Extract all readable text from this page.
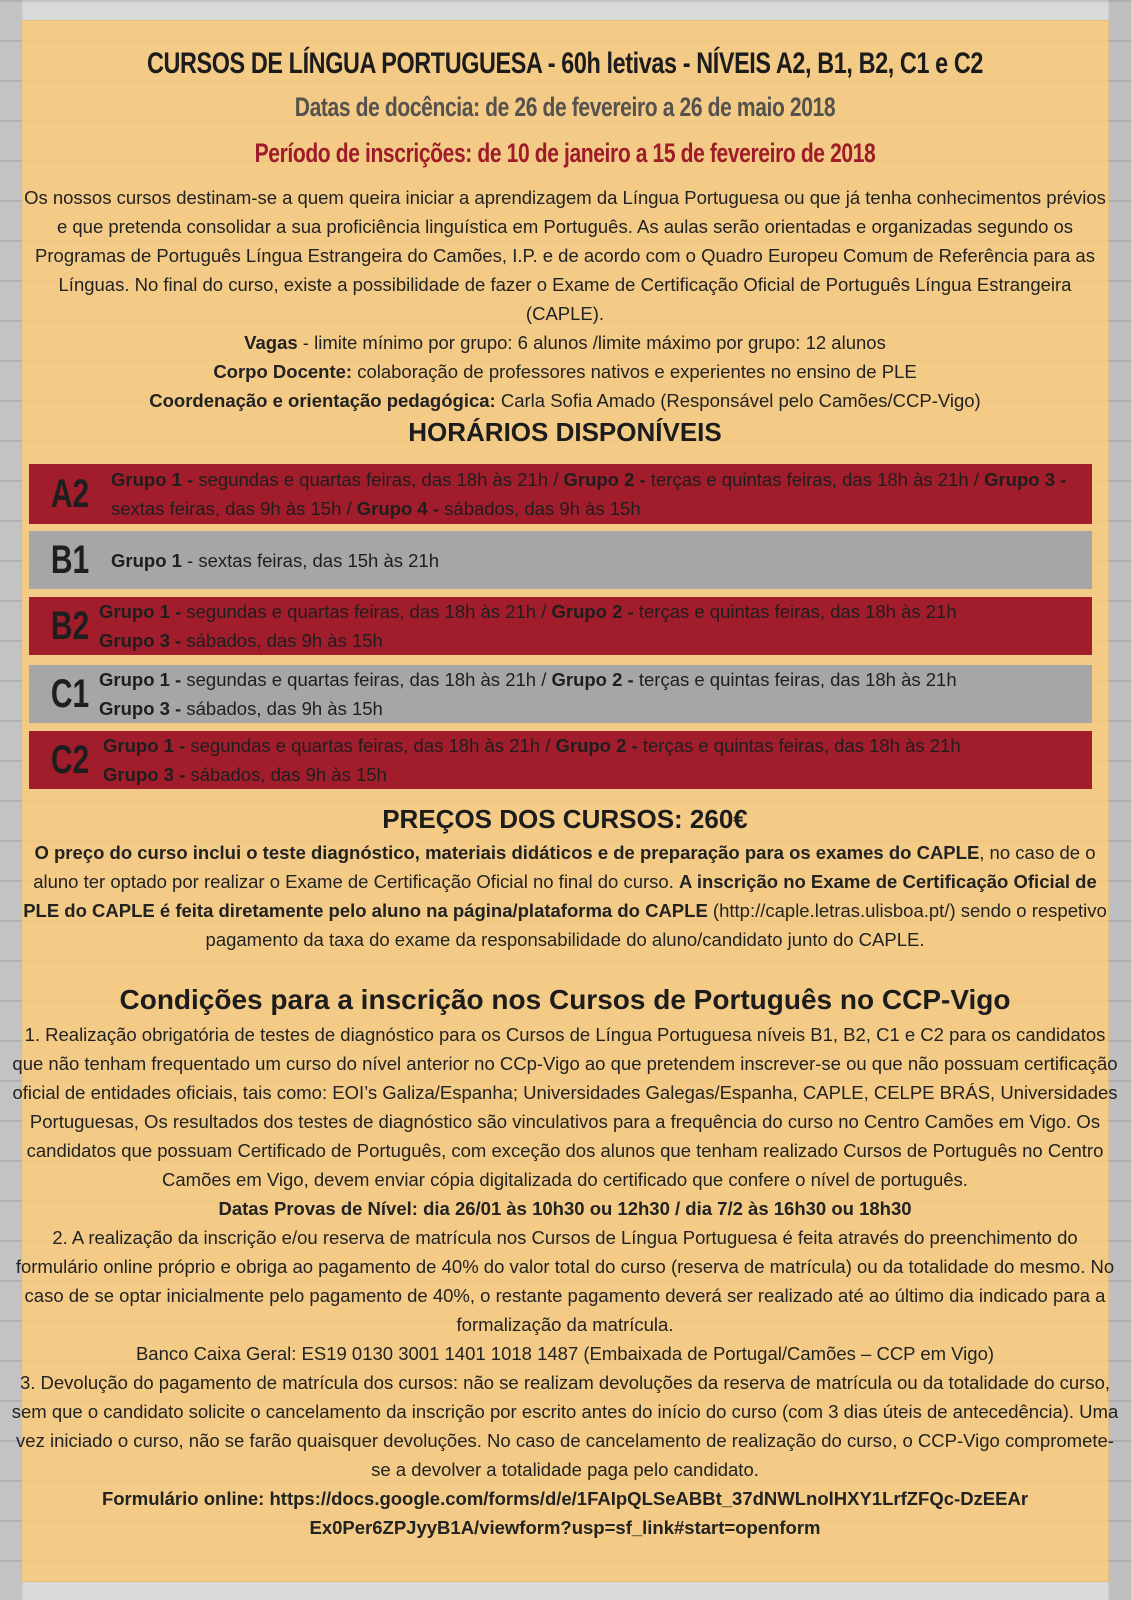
CURSOS DE LÍNGUA PORTUGUESA - 60h letivas - NÍVEIS A2, B1, B2, C1 e C2
Datas de docência: de 26 de fevereiro a 26 de maio 2018
Período de inscrições: de 10 de janeiro a 15 de fevereiro de 2018

Os nossos cursos destinam-se a quem queira iniciar a aprendizagem da Língua Portuguesa ou que já tenha conhecimentos prévios e que pretenda consolidar a sua proficiência linguística em Português. As aulas serão orientadas e organizadas segundo os Programas de Português Língua Estrangeira do Camões, I.P. e de acordo com o Quadro Europeu Comum de Referência para as Línguas. No final do curso, existe a possibilidade de fazer o Exame de Certificação Oficial de Português Língua Estrangeira (CAPLE).

Vagas - limite mínimo por grupo: 6 alunos /limite máximo por grupo: 12 alunos

Corpo Docente: colaboração de professores nativos e experientes no ensino de PLE

Coordenação e orientação pedagógica: Carla Sofia Amado (Responsável pelo Camões/CCP-Vigo)

HORÁRIOS DISPONÍVEIS
A2	Grupo 1 - segundas e quartas feiras, das 18h às 21h / Grupo 2 - terças e quintas feiras, das 18h às 21h / Grupo 3 - sextas feiras, das 9h às 15h / Grupo 4 - sábados, das 9h às 15h
B1	Grupo 1 - sextas feiras, das 15h às 21h
B2 Grupo 1 - segundas e quartas feiras, das 18h às 21h / Grupo 2 - terças e quintas feiras, das 18h às 21h
Grupo 3 - sábados, das 9h às 15h
C1 Grupo 1 - segundas e quartas feiras, das 18h às 21h / Grupo 2 - terças e quintas feiras, das 18h às 21h
Grupo 3 - sábados, das 9h às 15h
C2 Grupo 1 - segundas e quartas feiras, das 18h às 21h / Grupo 2 - terças e quintas feiras, das 18h às 21h
Grupo 3 - sábados, das 9h às 15h
PREÇOS DOS CURSOS: 260€

O preço do curso inclui o teste diagnóstico, materiais didáticos e de preparação para os exames do CAPLE, no caso de o aluno ter optado por realizar o Exame de Certificação Oficial no final do curso. A inscrição no Exame de Certificação Oficial de PLE do CAPLE é feita diretamente pelo aluno na página/plataforma do CAPLE (http://caple.letras.ulisboa.pt/) sendo o respetivo pagamento da taxa do exame da responsabilidade do aluno/candidato junto do CAPLE.

Condições para a inscrição nos Cursos de Português no CCP-Vigo

1. Realização obrigatória de testes de diagnóstico para os Cursos de Língua Portuguesa níveis B1, B2, C1 e C2 para os candidatos que não tenham frequentado um curso do nível anterior no CCp-Vigo ao que pretendem inscrever-se ou que não possuam certificação oficial de entidades oficiais, tais como: EOI’s Galiza/Espanha; Universidades Galegas/Espanha, CAPLE, CELPE BRÁS, Universidades Portuguesas, Os resultados dos testes de diagnóstico são vinculativos para a frequência do curso no Centro Camões em Vigo. Os candidatos que possuam Certificado de Português, com exceção dos alunos que tenham realizado Cursos de Português no Centro Camões em Vigo, devem enviar cópia digitalizada do certificado que confere o nível de português.

Datas Provas de Nível: dia 26/01 às 10h30 ou 12h30 / dia 7/2 às 16h30 ou 18h30

2. A realização da inscrição e/ou reserva de matrícula nos Cursos de Língua Portuguesa é feita através do preenchimento do formulário online próprio e obriga ao pagamento de 40% do valor total do curso (reserva de matrícula) ou da totalidade do mesmo. No caso de se optar inicialmente pelo pagamento de 40%, o restante pagamento deverá ser realizado até ao último dia indicado para a formalização da matrícula.

Banco Caixa Geral: ES19 0130 3001 1401 1018 1487 (Embaixada de Portugal/Camões – CCP em Vigo)

3. Devolução do pagamento de matrícula dos cursos: não se realizam devoluções da reserva de matrícula ou da totalidade do curso, sem que o candidato solicite o cancelamento da inscrição por escrito antes do início do curso (com 3 dias úteis de antecedência). Uma vez iniciado o curso, não se farão quaisquer devoluções. No caso de cancelamento de realização do curso, o CCP-Vigo compromete-se a devolver a totalidade paga pelo candidato.

Formulário online: https://docs.google.com/forms/d/e/1FAIpQLSeABBt_37dNWLnolHXY1LrfZFQc-DzEEArEx0Per6ZPJyyB1A/viewform?usp=sf_link#start=openform
